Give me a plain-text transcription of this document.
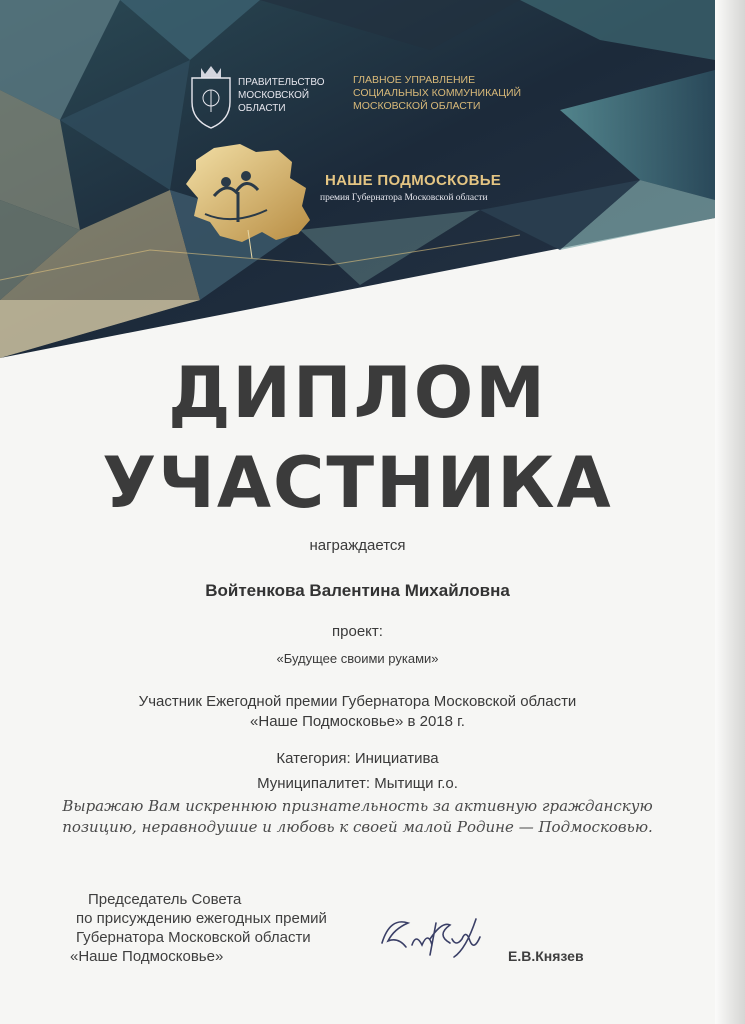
ПРАВИТЕЛЬСТВО
МОСКОВСКОЙ
ОБЛАСТИ
ГЛАВНОЕ УПРАВЛЕНИЕ
СОЦИАЛЬНЫХ КОММУНИКАЦИЙ
МОСКОВСКОЙ ОБЛАСТИ
НАШЕ ПОДМОСКОВЬЕ
премия Губернатора Московской области
ДИПЛОМ
УЧАСТНИКА
награждается
Войтенкова Валентина Михайловна
проект:
«Будущее своими руками»
Участник Ежегодной премии Губернатора Московской области
«Наше Подмосковье» в 2018 г.
Категория: Инициатива
Муниципалитет: Мытищи г.о.
Выражаю Вам искреннюю признательность за активную гражданскую
позицию, неравнодушие и любовь к своей малой Родине — Подмосковью.
Председатель Совета
по присуждению ежегодных премий
Губернатора Московской области
«Наше Подмосковье»	Е.В.Князев
